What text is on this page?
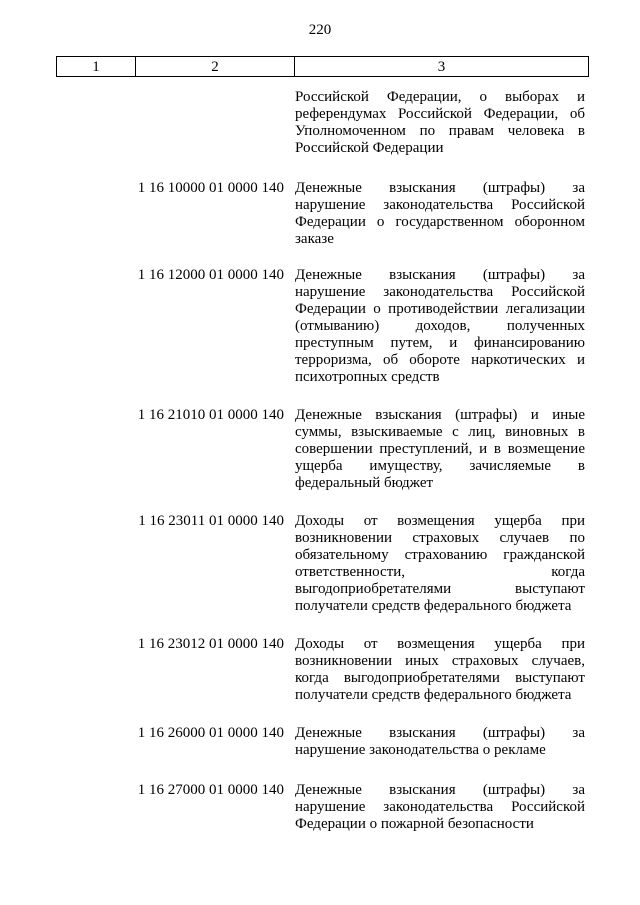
220
1	2	3
Российской Федерации, о выборах и референдумах Российской Федерации, об Уполномоченном по правам человека в Российской Федерации
1 16 10000 01 0000 140 Денежные взыскания (штрафы) за нарушение законодательства Российской Федерации о государственном оборонном заказе
1 16 12000 01 0000 140 Денежные взыскания (штрафы) за нарушение законодательства Российской Федерации о противодействии легализации (отмыванию) доходов, полученных преступным путем, и финансированию терроризма, об обороте наркотических и психотропных средств
1 16 21010 01 0000 140 Денежные взыскания (штрафы) и иные суммы, взыскиваемые с лиц, виновных в совершении преступлений, и в возмещение ущерба имуществу, зачисляемые в федеральный бюджет
1 16 23011 01 0000 140 Доходы от возмещения ущерба при возникновении страховых случаев по обязательному страхованию гражданской ответственности, когда выгодоприобретателями выступают получатели средств федерального бюджета
1 16 23012 01 0000 140 Доходы от возмещения ущерба при возникновении иных страховых случаев, когда выгодоприобретателями выступают получатели средств федерального бюджета
1 16 26000 01 0000 140 Денежные взыскания (штрафы) за нарушение законодательства о рекламе
1 16 27000 01 0000 140 Денежные взыскания (штрафы) за нарушение законодательства Российской Федерации о пожарной безопасности
